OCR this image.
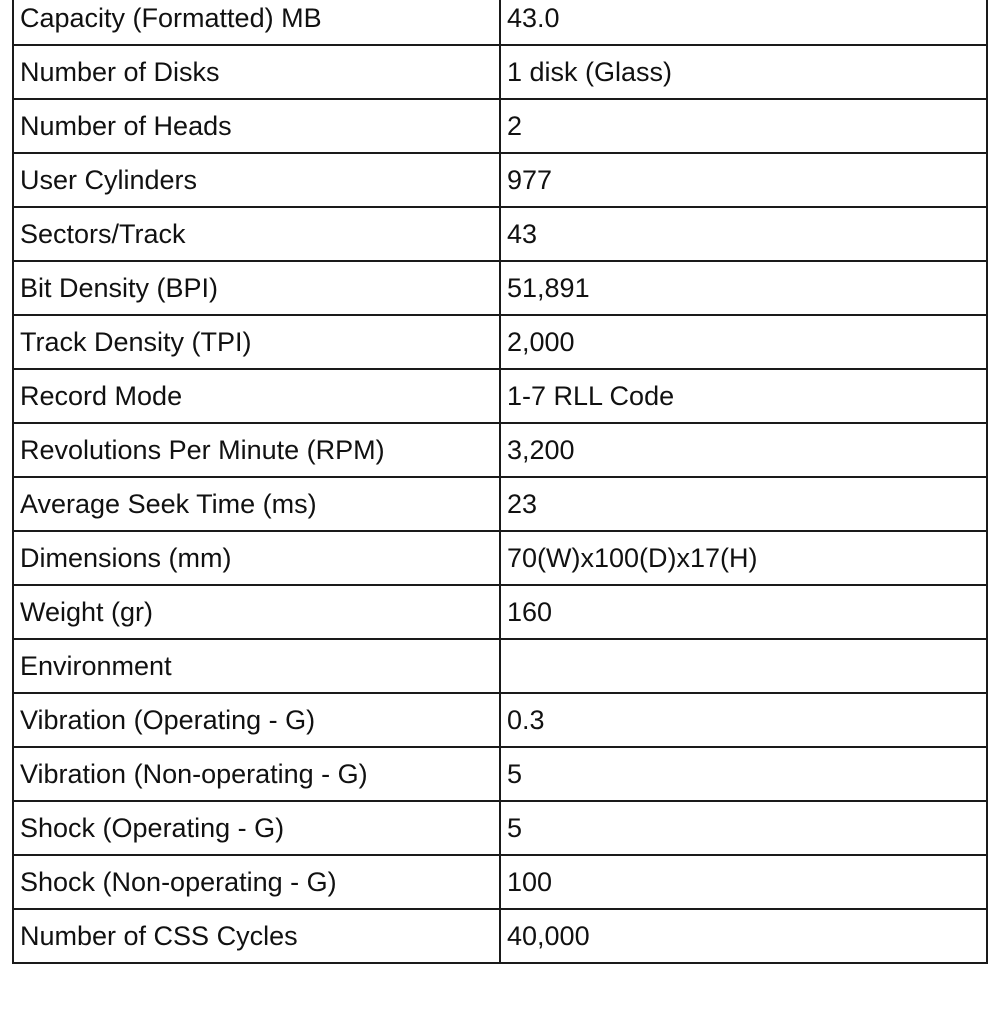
Capacity (Formatted) MB	43.0
Number of Disks	1 disk (Glass)
Number of Heads	2
User Cylinders	977
Sectors/Track	43
Bit Density (BPI)	51,891
Track Density (TPI)	2,000
Record Mode	1-7 RLL Code
Revolutions Per Minute (RPM)	3,200
Average Seek Time (ms)	23
Dimensions (mm)	70(W)x100(D)x17(H)
Weight (gr)	160
Environment	
Vibration (Operating - G)	0.3
Vibration (Non-operating - G)	5
Shock (Operating - G)	5
Shock (Non-operating - G)	100
Number of CSS Cycles	40,000
